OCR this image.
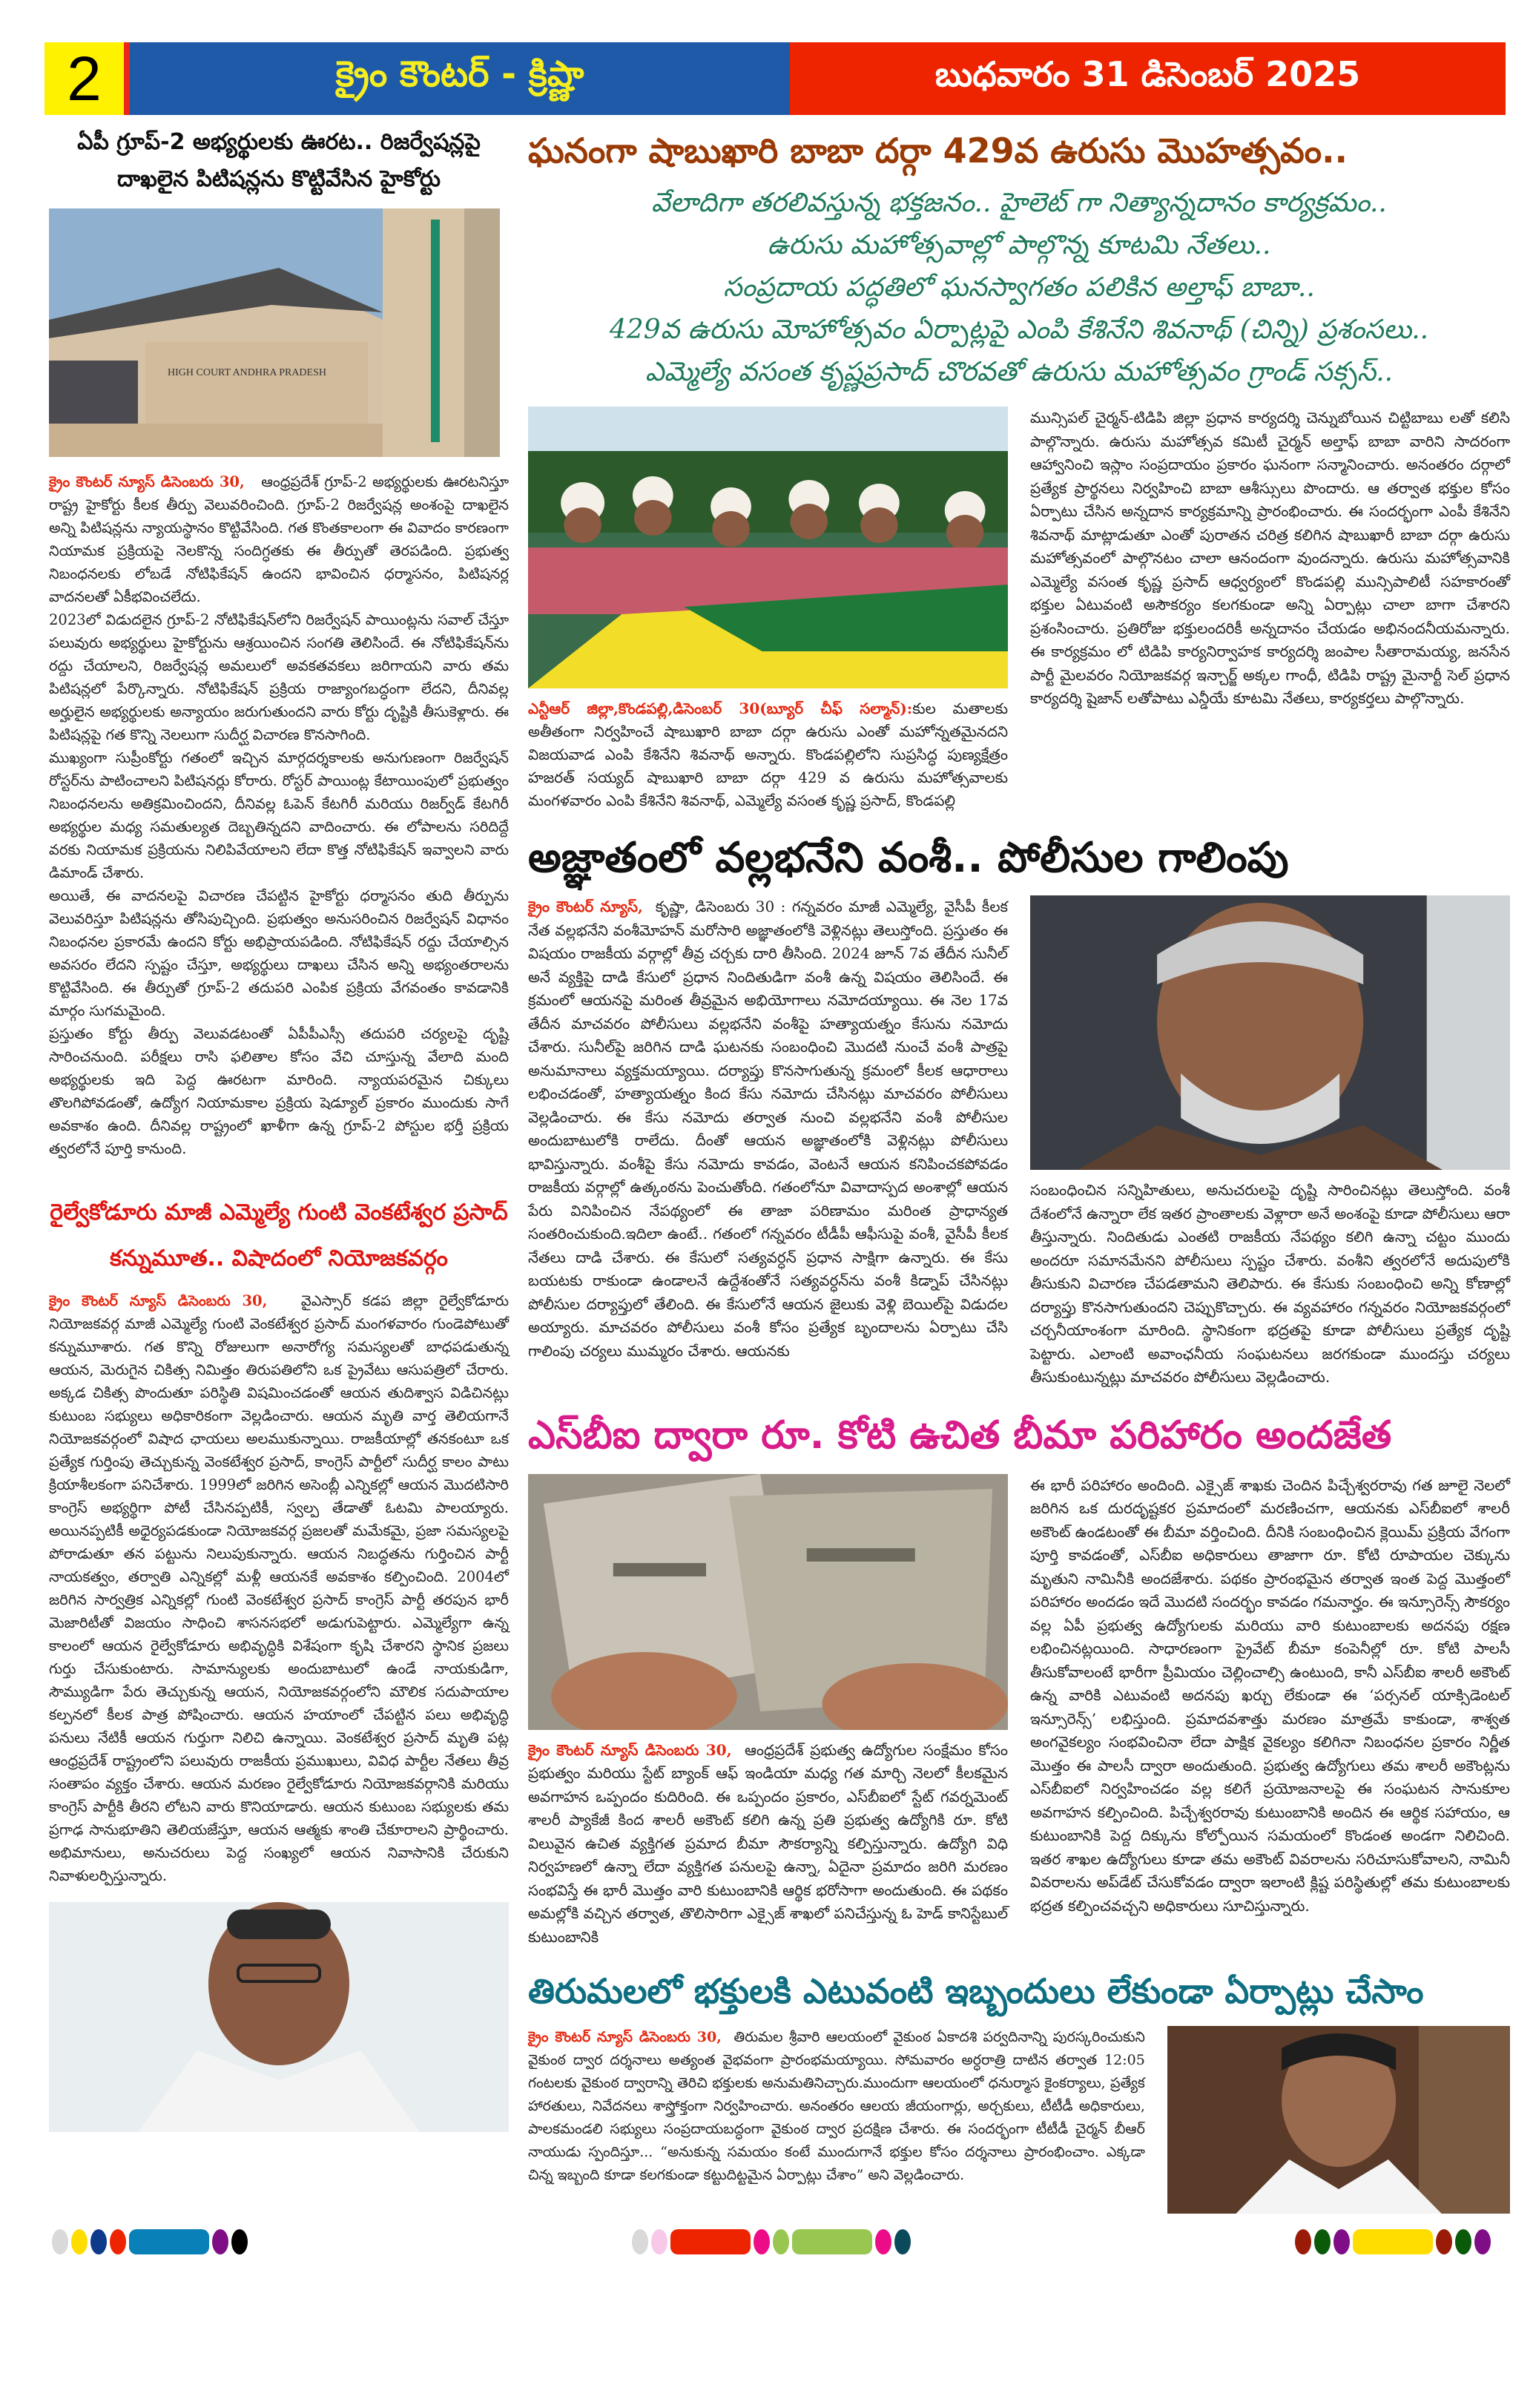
2	క్రైం కౌంటర్ - క్రిష్ణా	బుధవారం 31 డిసెంబర్ 2025
ఏపీ గ్రూప్-2 అభ్యర్థులకు ఊరట.. రిజర్వేషన్లపై దాఖలైన పిటిషన్లను కొట్టివేసిన హైకోర్టు
HIGH COURT ANDHRA PRADESH

క్రైం కౌంటర్ న్యూస్ డిసెంబరు 30, ఆంధ్రప్రదేశ్ గ్రూప్-2 అభ్యర్థులకు ఊరటనిస్తూ రాష్ట్ర హైకోర్టు కీలక తీర్పు వెలువరించింది. గ్రూప్-2 రిజర్వేషన్ల అంశంపై దాఖలైన అన్ని పిటిషన్లను న్యాయస్థానం కొట్టివేసింది. గత కొంతకాలంగా ఈ వివాదం కారణంగా నియామక ప్రక్రియపై నెలకొన్న సందిగ్ధతకు ఈ తీర్పుతో తెరపడింది. ప్రభుత్వ నిబంధనలకు లోబడే నోటిఫికేషన్ ఉందని భావించిన ధర్మాసనం, పిటిషనర్ల వాదనలతో ఏకీభవించలేదు.

2023లో విడుదలైన గ్రూప్-2 నోటిఫికేషన్‌లోని రిజర్వేషన్ పాయింట్లను సవాల్ చేస్తూ పలువురు అభ్యర్థులు హైకోర్టును ఆశ్రయించిన సంగతి తెలిసిందే. ఈ నోటిఫికేషన్‌ను రద్దు చేయాలని, రిజర్వేషన్ల అమలులో అవకతవకలు జరిగాయని వారు తమ పిటిషన్లలో పేర్కొన్నారు. నోటిఫికేషన్ ప్రక్రియ రాజ్యాంగబద్ధంగా లేదని, దీనివల్ల అర్హులైన అభ్యర్థులకు అన్యాయం జరుగుతుందని వారు కోర్టు దృష్టికి తీసుకెళ్లారు. ఈ పిటిషన్లపై గత కొన్ని నెలలుగా సుదీర్ఘ విచారణ కొనసాగింది.

ముఖ్యంగా సుప్రీంకోర్టు గతంలో ఇచ్చిన మార్గదర్శకాలకు అనుగుణంగా రిజర్వేషన్ రోస్టర్‌ను పాటించాలని పిటిషనర్లు కోరారు. రోస్టర్ పాయింట్ల కేటాయింపులో ప్రభుత్వం నిబంధనలను అతిక్రమించిందని, దీనివల్ల ఓపెన్ కేటగిరీ మరియు రిజర్వ్‌డ్ కేటగిరీ అభ్యర్థుల మధ్య సమతుల్యత దెబ్బతిన్నదని వాదించారు. ఈ లోపాలను సరిదిద్దే వరకు నియామక ప్రక్రియను నిలిపివేయాలని లేదా కొత్త నోటిఫికేషన్ ఇవ్వాలని వారు డిమాండ్ చేశారు.

అయితే, ఈ వాదనలపై విచారణ చేపట్టిన హైకోర్టు ధర్మాసనం తుది తీర్పును వెలువరిస్తూ పిటిషన్లను తోసిపుచ్చింది. ప్రభుత్వం అనుసరించిన రిజర్వేషన్ విధానం నిబంధనల ప్రకారమే ఉందని కోర్టు అభిప్రాయపడింది. నోటిఫికేషన్ రద్దు చేయాల్సిన అవసరం లేదని స్పష్టం చేస్తూ, అభ్యర్థులు దాఖలు చేసిన అన్ని అభ్యంతరాలను కొట్టివేసింది. ఈ తీర్పుతో గ్రూప్-2 తదుపరి ఎంపిక ప్రక్రియ వేగవంతం కావడానికి మార్గం సుగమమైంది.

ప్రస్తుతం కోర్టు తీర్పు వెలువడటంతో ఏపీపీఎస్సీ తదుపరి చర్యలపై దృష్టి సారించనుంది. పరీక్షలు రాసి ఫలితాల కోసం వేచి చూస్తున్న వేలాది మంది అభ్యర్థులకు ఇది పెద్ద ఊరటగా మారింది. న్యాయపరమైన చిక్కులు తొలగిపోవడంతో, ఉద్యోగ నియామకాల ప్రక్రియ షెడ్యూల్ ప్రకారం ముందుకు సాగే అవకాశం ఉంది. దీనివల్ల రాష్ట్రంలో ఖాళీగా ఉన్న గ్రూప్-2 పోస్టుల భర్తీ ప్రక్రియ త్వరలోనే పూర్తి కానుంది.

రైల్వేకోడూరు మాజీ ఎమ్మెల్యే గుంటి వెంకటేశ్వర ప్రసాద్ కన్నుమూత.. విషాదంలో నియోజకవర్గం

క్రైం కౌంటర్ న్యూస్ డిసెంబరు 30, వైఎస్సార్ కడప జిల్లా రైల్వేకోడూరు నియోజకవర్గ మాజీ ఎమ్మెల్యే గుంటి వెంకటేశ్వర ప్రసాద్ మంగళవారం గుండెపోటుతో కన్నుమూశారు. గత కొన్ని రోజులుగా అనారోగ్య సమస్యలతో బాధపడుతున్న ఆయన, మెరుగైన చికిత్స నిమిత్తం తిరుపతిలోని ఒక ప్రైవేటు ఆసుపత్రిలో చేరారు. అక్కడ చికిత్స పొందుతూ పరిస్థితి విషమించడంతో ఆయన తుదిశ్వాస విడిచినట్లు కుటుంబ సభ్యులు అధికారికంగా వెల్లడించారు. ఆయన మృతి వార్త తెలియగానే నియోజకవర్గంలో విషాద ఛాయలు అలముకున్నాయి. రాజకీయాల్లో తనకంటూ ఒక ప్రత్యేక గుర్తింపు తెచ్చుకున్న వెంకటేశ్వర ప్రసాద్, కాంగ్రెస్ పార్టీలో సుదీర్ఘ కాలం పాటు క్రియాశీలకంగా పనిచేశారు. 1999లో జరిగిన అసెంబ్లీ ఎన్నికల్లో ఆయన మొదటిసారి కాంగ్రెస్ అభ్యర్థిగా పోటీ చేసినప్పటికీ, స్వల్ప తేడాతో ఓటమి పాలయ్యారు. అయినప్పటికీ అధైర్యపడకుండా నియోజకవర్గ ప్రజలతో మమేకమై, ప్రజా సమస్యలపై పోరాడుతూ తన పట్టును నిలుపుకున్నారు. ఆయన నిబద్ధతను గుర్తించిన పార్టీ నాయకత్వం, తర్వాతి ఎన్నికల్లో మళ్లీ ఆయనకే అవకాశం కల్పించింది. 2004లో జరిగిన సార్వత్రిక ఎన్నికల్లో గుంటి వెంకటేశ్వర ప్రసాద్ కాంగ్రెస్ పార్టీ తరపున భారీ మెజారిటీతో విజయం సాధించి శాసనసభలో అడుగుపెట్టారు. ఎమ్మెల్యేగా ఉన్న కాలంలో ఆయన రైల్వేకోడూరు అభివృద్ధికి విశేషంగా కృషి చేశారని స్థానిక ప్రజలు గుర్తు చేసుకుంటారు. సామాన్యులకు అందుబాటులో ఉండే నాయకుడిగా, సౌమ్యుడిగా పేరు తెచ్చుకున్న ఆయన, నియోజకవర్గంలోని మౌలిక సదుపాయాల కల్పనలో కీలక పాత్ర పోషించారు. ఆయన హయాంలో చేపట్టిన పలు అభివృద్ధి పనులు నేటికీ ఆయన గుర్తుగా నిలిచి ఉన్నాయి. వెంకటేశ్వర ప్రసాద్ మృతి పట్ల ఆంధ్రప్రదేశ్ రాష్ట్రంలోని పలువురు రాజకీయ ప్రముఖులు, వివిధ పార్టీల నేతలు తీవ్ర సంతాపం వ్యక్తం చేశారు. ఆయన మరణం రైల్వేకోడూరు నియోజకవర్గానికి మరియు కాంగ్రెస్ పార్టీకి తీరని లోటని వారు కొనియాడారు. ఆయన కుటుంబ సభ్యులకు తమ ప్రగాఢ సానుభూతిని తెలియజేస్తూ, ఆయన ఆత్మకు శాంతి చేకూరాలని ప్రార్థించారు. అభిమానులు, అనుచరులు పెద్ద సంఖ్యలో ఆయన నివాసానికి చేరుకుని నివాళులర్పిస్తున్నారు.

ఘనంగా షాబుఖారి బాబా దర్గా 429వ ఉరుసు మొహత్సవం..
వేలాదిగా తరలివస్తున్న భక్తజనం.. హైలెట్ గా నిత్యాన్నదానం కార్యక్రమం..
ఉరుసు మహోత్సవాల్లో పాల్గొన్న కూటమి నేతలు..
సంప్రదాయ పద్ధతిలో ఘనస్వాగతం పలికిన అల్తాఫ్ బాబా..
429వ ఉరుసు మోహోత్సవం ఏర్పాట్లపై ఎంపి కేశినేని శివనాథ్ (చిన్ని) ప్రశంసలు..
ఎమ్మెల్యే వసంత కృష్ణప్రసాద్ చొరవతో ఉరుసు మహోత్సవం గ్రాండ్ సక్సస్..
ఎన్టీఆర్ జిల్లా,కొండపల్లి,డిసెంబర్ 30(బ్యూర్ చీఫ్ సల్మాన్):కుల మతాలకు అతీతంగా నిర్వహించే షాబుఖారి బాబా దర్గా ఉరుసు ఎంతో మహోన్నతమైనదని విజయవాడ ఎంపి కేశినేని శివనాథ్ అన్నారు. కొండపల్లిలోని సుప్రసిద్ధ పుణ్యక్షేత్రం హజరత్ సయ్యద్ షాబుఖారి బాబా దర్గా 429 వ ఉరుసు మహోత్సవాలకు మంగళవారం ఎంపి కేశినేని శివనాథ్, ఎమ్మెల్యే వసంత కృష్ణ ప్రసాద్, కొండపల్లి
మున్సిపల్ చైర్మన్-టిడిపి జిల్లా ప్రధాన కార్యదర్శి చెన్నుబోయిన చిట్టిబాబు లతో కలిసి పాల్గొన్నారు. ఉరుసు మహోత్సవ కమిటీ చైర్మన్ అల్తాఫ్ బాబా వారిని సాదరంగా ఆహ్వానించి ఇస్లాం సంప్రదాయం ప్రకారం ఘనంగా సన్మానించారు. అనంతరం దర్గాలో ప్రత్యేక ప్రార్థనలు నిర్వహించి బాబా ఆశీస్సులు పొందారు. ఆ తర్వాత భక్తుల కోసం ఏర్పాటు చేసిన అన్నదాన కార్యక్రమాన్ని ప్రారంభించారు. ఈ సందర్భంగా ఎంపీ కేశినేని శివనాథ్ మాట్లాడుతూ ఎంతో పురాతన చరిత్ర కలిగిన షాబుఖారీ బాబా దర్గా ఉరుసు మహోత్సవంలో పాల్గొనటం చాలా ఆనందంగా వుందన్నారు. ఉరుసు మహోత్సవానికి ఎమ్మెల్యే వసంత కృష్ణ ప్రసాద్ ఆధ్వర్యంలో కొండపల్లి మున్సిపాలిటీ సహకారంతో భక్తుల ఏటువంటి అసౌకర్యం కలగకుండా అన్ని ఏర్పాట్లు చాలా బాగా చేశారని ప్రశంసించారు. ప్రతిరోజు భక్తులందరికీ అన్నదానం చేయడం అభినందనీయమన్నారు. ఈ కార్యక్రమం లో టిడిపి కార్యనిర్వాహక కార్యదర్శి జంపాల సీతారామయ్య, జనసేన పార్టీ మైలవరం నియోజకవర్గ ఇన్చార్జ్ అక్కల గాంధీ, టిడిపి రాష్ట్ర మైనార్టీ సెల్ ప్రధాన కార్యదర్శి షైజాన్ లతోపాటు ఎన్డీయే కూటమి నేతలు, కార్యకర్తలు పాల్గొన్నారు.
అజ్ఞాతంలో వల్లభనేని వంశీ.. పోలీసుల గాలింపు
క్రైం కౌంటర్ న్యూస్, కృష్ణా, డిసెంబరు 30 : గన్నవరం మాజీ ఎమ్మెల్యే, వైసీపీ కీలక నేత వల్లభనేని వంశీమోహన్ మరోసారి అజ్ఞాతంలోకి వెళ్లినట్లు తెలుస్తోంది. ప్రస్తుతం ఈ విషయం రాజకీయ వర్గాల్లో తీవ్ర చర్చకు దారి తీసింది. 2024 జూన్ 7వ తేదీన సునీల్ అనే వ్యక్తిపై దాడి కేసులో ప్రధాన నిందితుడిగా వంశీ ఉన్న విషయం తెలిసిందే. ఈ క్రమంలో ఆయనపై మరింత తీవ్రమైన అభియోగాలు నమోదయ్యాయి. ఈ నెల 17వ తేదీన మాచవరం పోలీసులు వల్లభనేని వంశీపై హత్యాయత్నం కేసును నమోదు చేశారు. సునీల్‌పై జరిగిన దాడి ఘటనకు సంబంధించి మొదటి నుంచే వంశీ పాత్రపై అనుమానాలు వ్యక్తమయ్యాయి. దర్యాప్తు కొనసాగుతున్న క్రమంలో కీలక ఆధారాలు లభించడంతో, హత్యాయత్నం కింద కేసు నమోదు చేసినట్లు మాచవరం పోలీసులు వెల్లడించారు. ఈ కేసు నమోదు తర్వాత నుంచి వల్లభనేని వంశీ పోలీసుల అందుబాటులోకి రాలేదు. దీంతో ఆయన అజ్ఞాతంలోకి వెళ్లినట్లు పోలీసులు భావిస్తున్నారు. వంశీపై కేసు నమోదు కావడం, వెంటనే ఆయన కనిపించకపోవడం రాజకీయ వర్గాల్లో ఉత్కంఠను పెంచుతోంది. గతంలోనూ వివాదాస్పద అంశాల్లో ఆయన పేరు వినిపించిన నేపథ్యంలో ఈ తాజా పరిణామం మరింత ప్రాధాన్యత సంతరించుకుంది.ఇదిలా ఉంటే.. గతంలో గన్నవరం టీడీపీ ఆఫీసుపై వంశీ, వైసీపీ కీలక నేతలు దాడి చేశారు. ఈ కేసులో సత్యవర్ధన్ ప్రధాన సాక్షిగా ఉన్నారు. ఈ కేసు బయటకు రాకుండా ఉండాలనే ఉద్దేశంతోనే సత్యవర్ధన్‌ను వంశీ కిడ్నాప్ చేసినట్లు పోలీసుల దర్యాప్తులో తేలింది. ఈ కేసులోనే ఆయన జైలుకు వెళ్లి బెయిల్‌పై విడుదల అయ్యారు. మాచవరం పోలీసులు వంశీ కోసం ప్రత్యేక బృందాలను ఏర్పాటు చేసి గాలింపు చర్యలు ముమ్మరం చేశారు. ఆయనకు
సంబంధించిన సన్నిహితులు, అనుచరులపై దృష్టి సారించినట్లు తెలుస్తోంది. వంశీ దేశంలోనే ఉన్నారా లేక ఇతర ప్రాంతాలకు వెళ్లారా అనే అంశంపై కూడా పోలీసులు ఆరా తీస్తున్నారు. నిందితుడు ఎంతటి రాజకీయ నేపథ్యం కలిగి ఉన్నా చట్టం ముందు అందరూ సమానమేనని పోలీసులు స్పష్టం చేశారు. వంశీని త్వరలోనే అదుపులోకి తీసుకుని విచారణ చేపడతామని తెలిపారు. ఈ కేసుకు సంబంధించి అన్ని కోణాల్లో దర్యాప్తు కొనసాగుతుందని చెప్పుకొచ్చారు. ఈ వ్యవహారం గన్నవరం నియోజకవర్గంలో చర్చనీయాంశంగా మారింది. స్థానికంగా భద్రతపై కూడా పోలీసులు ప్రత్యేక దృష్టి పెట్టారు. ఎలాంటి అవాంఛనీయ సంఘటనలు జరగకుండా ముందస్తు చర్యలు తీసుకుంటున్నట్లు మాచవరం పోలీసులు వెల్లడించారు.
ఎస్‌బీఐ ద్వారా రూ. కోటి ఉచిత బీమా పరిహారం అందజేత
క్రైం కౌంటర్ న్యూస్ డిసెంబరు 30, ఆంధ్రప్రదేశ్ ప్రభుత్వ ఉద్యోగుల సంక్షేమం కోసం ప్రభుత్వం మరియు స్టేట్ బ్యాంక్ ఆఫ్ ఇండియా మధ్య గత మార్చి నెలలో కీలకమైన అవగాహన ఒప్పందం కుదిరింది. ఈ ఒప్పందం ప్రకారం, ఎస్‌బీఐలో స్టేట్ గవర్నమెంట్ శాలరీ ప్యాకేజీ కింద శాలరీ అకౌంట్ కలిగి ఉన్న ప్రతి ప్రభుత్వ ఉద్యోగికి రూ. కోటి విలువైన ఉచిత వ్యక్తిగత ప్రమాద బీమా సౌకర్యాన్ని కల్పిస్తున్నారు. ఉద్యోగి విధి నిర్వహణలో ఉన్నా లేదా వ్యక్తిగత పనులపై ఉన్నా, ఏదైనా ప్రమాదం జరిగి మరణం సంభవిస్తే ఈ భారీ మొత్తం వారి కుటుంబానికి ఆర్థిక భరోసాగా అందుతుంది. ఈ పథకం అమల్లోకి వచ్చిన తర్వాత, తొలిసారిగా ఎక్సైజ్ శాఖలో పనిచేస్తున్న ఓ హెడ్ కానిస్టేబుల్ కుటుంబానికి
ఈ భారీ పరిహారం అందింది. ఎక్సైజ్ శాఖకు చెందిన పిచ్చేశ్వరరావు గత జూలై నెలలో జరిగిన ఒక దురదృష్టకర ప్రమాదంలో మరణించగా, ఆయనకు ఎస్‌బీఐలో శాలరీ అకౌంట్ ఉండటంతో ఈ బీమా వర్తించింది. దీనికి సంబంధించిన క్లెయిమ్ ప్రక్రియ వేగంగా పూర్తి కావడంతో, ఎస్‌బీఐ అధికారులు తాజాగా రూ. కోటి రూపాయల చెక్కును మృతుని నామినీకి అందజేశారు. పథకం ప్రారంభమైన తర్వాత ఇంత పెద్ద మొత్తంలో పరిహారం అందడం ఇదే మొదటి సందర్భం కావడం గమనార్హం. ఈ ఇన్సూరెన్స్ సౌకర్యం వల్ల ఏపీ ప్రభుత్వ ఉద్యోగులకు మరియు వారి కుటుంబాలకు అదనపు రక్షణ లభించినట్లయింది. సాధారణంగా ప్రైవేట్ బీమా కంపెనీల్లో రూ. కోటి పాలసీ తీసుకోవాలంటే భారీగా ప్రీమియం చెల్లించాల్సి ఉంటుంది, కానీ ఎస్‌బీఐ శాలరీ అకౌంట్ ఉన్న వారికి ఎటువంటి అదనపు ఖర్చు లేకుండా ఈ ‘పర్సనల్ యాక్సిడెంటల్ ఇన్సూరెన్స్’ లభిస్తుంది. ప్రమాదవశాత్తు మరణం మాత్రమే కాకుండా, శాశ్వత అంగవైకల్యం సంభవించినా లేదా పాక్షిక వైకల్యం కలిగినా నిబంధనల ప్రకారం నిర్ణీత మొత్తం ఈ పాలసీ ద్వారా అందుతుంది. ప్రభుత్వ ఉద్యోగులు తమ శాలరీ అకౌంట్లను ఎస్‌బీఐలో నిర్వహించడం వల్ల కలిగే ప్రయోజనాలపై ఈ సంఘటన సానుకూల అవగాహన కల్పించింది. పిచ్చేశ్వరరావు కుటుంబానికి అందిన ఈ ఆర్థిక సహాయం, ఆ కుటుంబానికి పెద్ద దిక్కును కోల్పోయిన సమయంలో కొండంత అండగా నిలిచింది. ఇతర శాఖల ఉద్యోగులు కూడా తమ అకౌంట్ వివరాలను సరిచూసుకోవాలని, నామినీ వివరాలను అప్‌డేట్ చేసుకోవడం ద్వారా ఇలాంటి క్లిష్ట పరిస్థితుల్లో తమ కుటుంబాలకు భద్రత కల్పించవచ్చని అధికారులు సూచిస్తున్నారు.
తిరుమలలో భక్తులకి ఎటువంటి ఇబ్బందులు లేకుండా ఏర్పాట్లు చేసాం
క్రైం కౌంటర్ న్యూస్ డిసెంబరు 30, తిరుమల శ్రీవారి ఆలయంలో వైకుంఠ ఏకాదశి పర్వదినాన్ని పురస్కరించుకుని వైకుంఠ ద్వార దర్శనాలు అత్యంత వైభవంగా ప్రారంభమయ్యాయి. సోమవారం అర్ధరాత్రి దాటిన తర్వాత 12:05 గంటలకు వైకుంఠ ద్వారాన్ని తెరిచి భక్తులకు అనుమతినిచ్చారు.ముందుగా ఆలయంలో ధనుర్మాస కైంకర్యాలు, ప్రత్యేక హారతులు, నివేదనలు శాస్త్రోక్తంగా నిర్వహించారు. అనంతరం ఆలయ జీయంగార్లు, అర్చకులు, టీటీడీ అధికారులు, పాలకమండలి సభ్యులు సంప్రదాయబద్ధంగా వైకుంఠ ద్వార ప్రదక్షిణ చేశారు. ఈ సందర్భంగా టీటీడీ చైర్మన్ బీఆర్ నాయుడు స్పందిస్తూ... “అనుకున్న సమయం కంటే ముందుగానే భక్తుల కోసం దర్శనాలు ప్రారంభించాం. ఎక్కడా చిన్న ఇబ్బంది కూడా కలగకుండా కట్టుదిట్టమైన ఏర్పాట్లు చేశాం” అని వెల్లడించారు.
